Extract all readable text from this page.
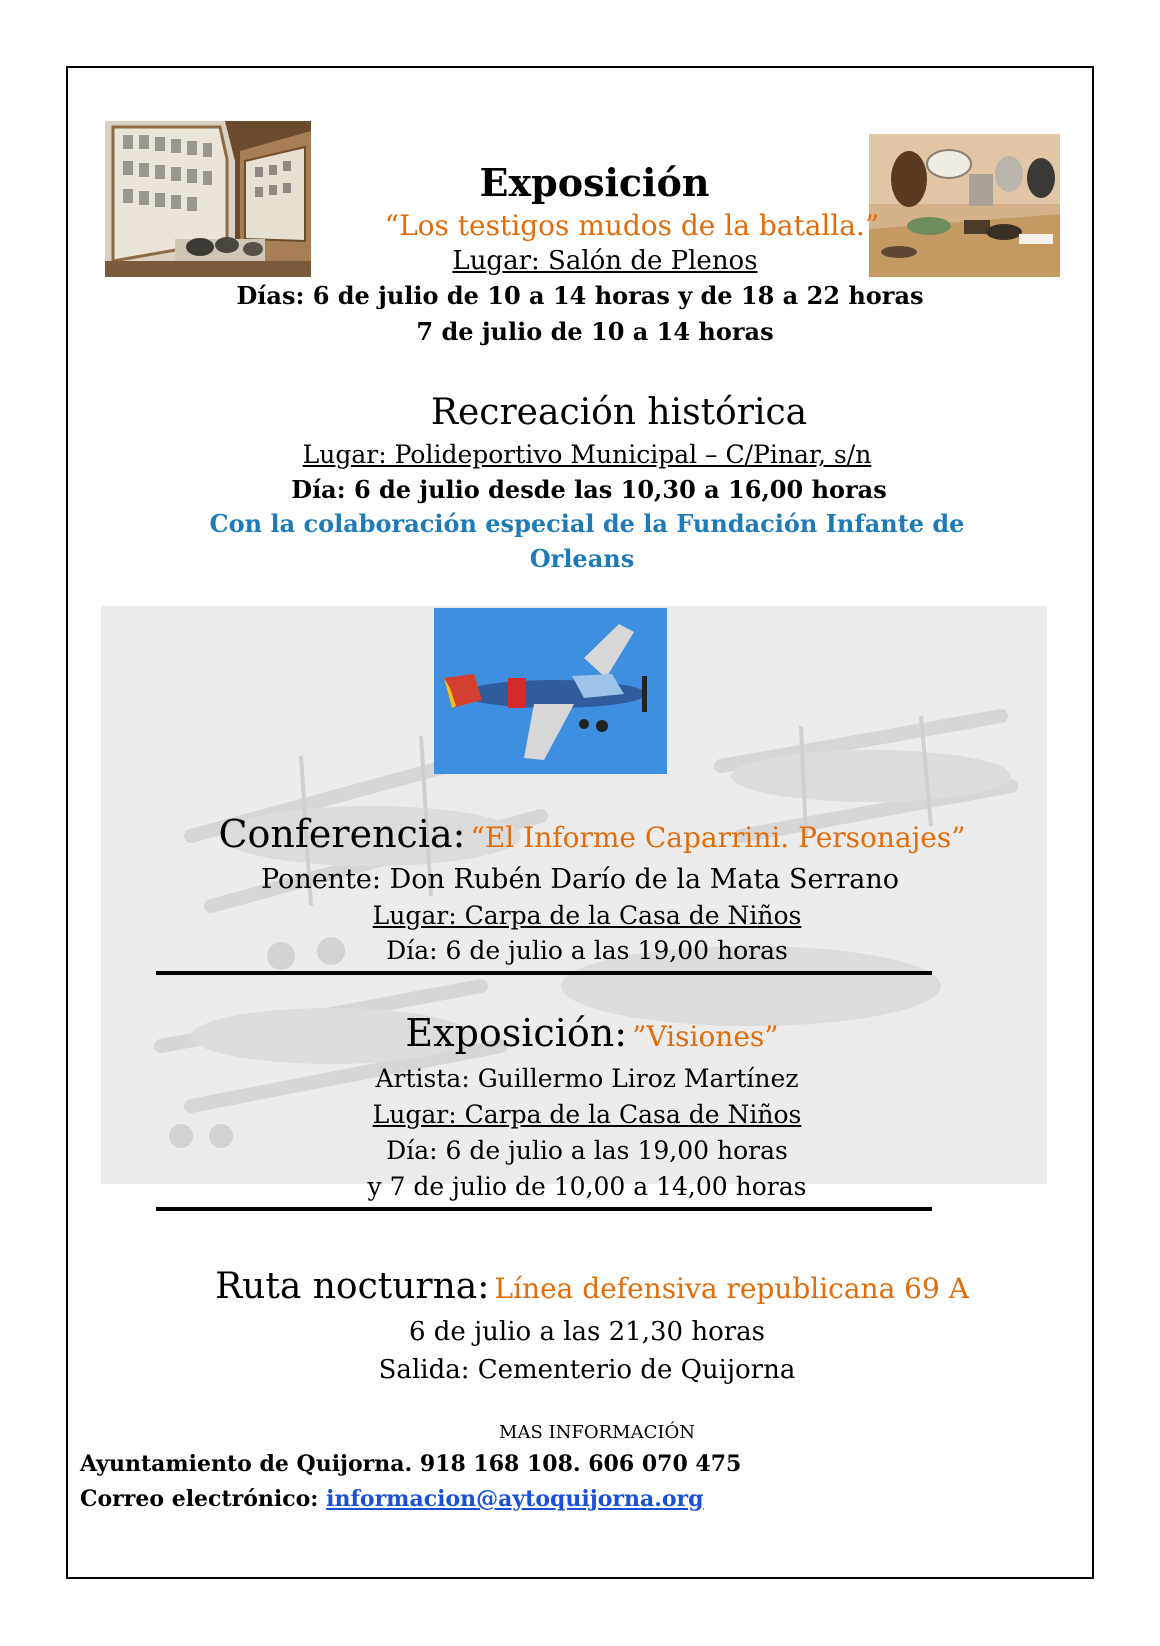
Exposición
“Los testigos mudos de la batalla.”
Lugar: Salón de Plenos
Días: 6 de julio de 10 a 14 horas y de 18 a 22 horas
7 de julio de 10 a 14 horas
Recreación histórica
Lugar: Polideportivo Municipal – C/Pinar, s/n
Día: 6 de julio desde las 10,30 a 16,00 horas
Con la colaboración especial de la Fundación Infante de
Orleans
Conferencia: “El Informe Caparrini. Personajes”
Ponente: Don Rubén Darío de la Mata Serrano
Lugar: Carpa de la Casa de Niños
Día: 6 de julio a las 19,00 horas
Exposición: ”Visiones”
Artista: Guillermo Liroz Martínez
Lugar: Carpa de la Casa de Niños
Día: 6 de julio a las 19,00 horas
y 7 de julio de 10,00 a 14,00 horas
Ruta nocturna: Línea defensiva republicana 69 A
6 de julio a las 21,30 horas
Salida: Cementerio de Quijorna
MAS INFORMACIÓN
Ayuntamiento de Quijorna. 918 168 108. 606 070 475
Correo electrónico: informacion@aytoquijorna.org
